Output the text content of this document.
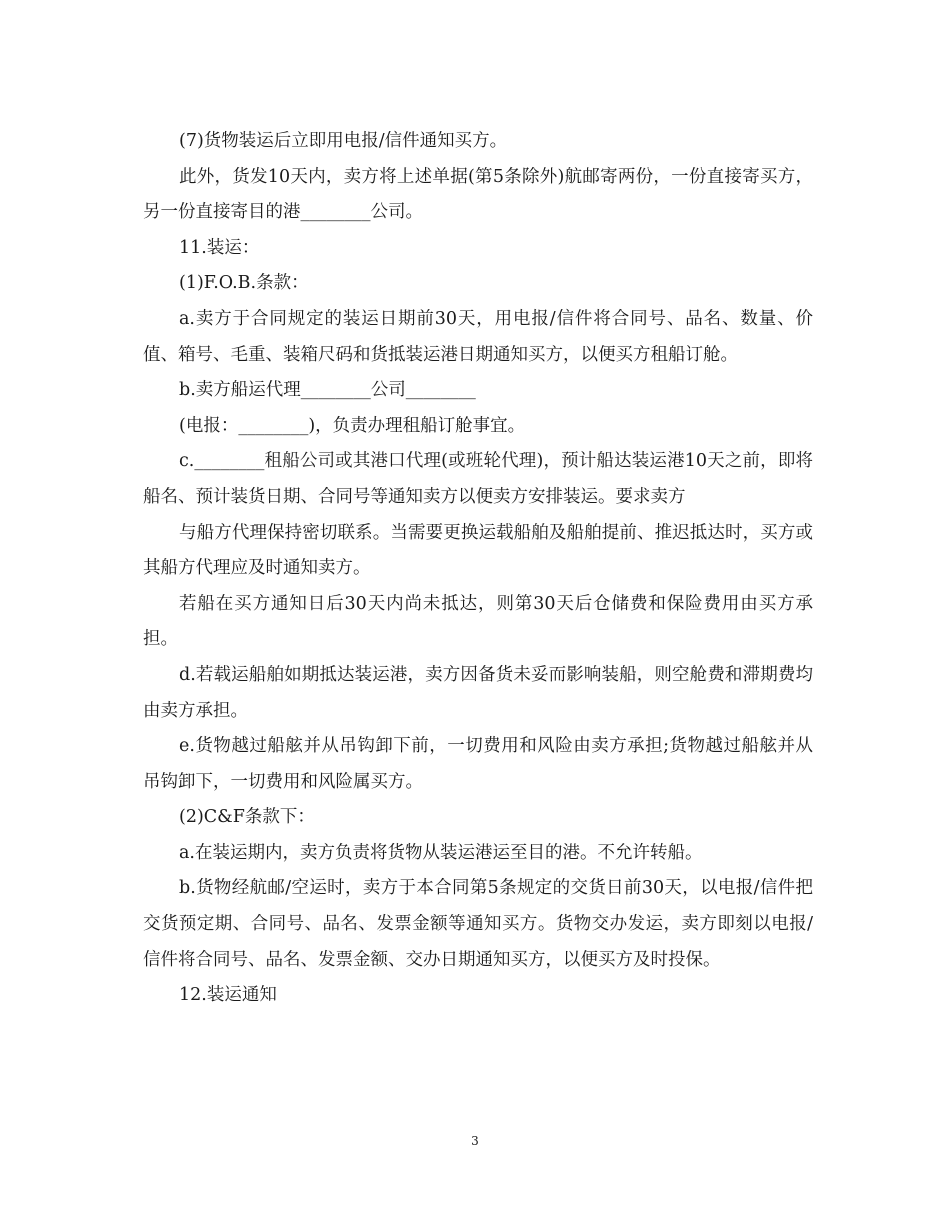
(7)货物装运后立即用电报/信件通知买方。

此外，货发10天内，卖方将上述单据(第5条除外)航邮寄两份，一份直接寄买方，另一份直接寄目的港________公司。

11.装运：

(1)F.O.B.条款：

a.卖方于合同规定的装运日期前30天，用电报/信件将合同号、品名、数量、价值、箱号、毛重、装箱尺码和货抵装运港日期通知买方，以便买方租船订舱。

b.卖方船运代理________公司________

(电报：________)，负责办理租船订舱事宜。

c.________租船公司或其港口代理(或班轮代理)，预计船达装运港10天之前，即将船名、预计装货日期、合同号等通知卖方以便卖方安排装运。要求卖方

与船方代理保持密切联系。当需要更换运载船舶及船舶提前、推迟抵达时，买方或其船方代理应及时通知卖方。

若船在买方通知日后30天内尚未抵达，则第30天后仓储费和保险费用由买方承担。

d.若载运船舶如期抵达装运港，卖方因备货未妥而影响装船，则空舱费和滞期费均由卖方承担。

e.货物越过船舷并从吊钩卸下前，一切费用和风险由卖方承担;货物越过船舷并从吊钩卸下，一切费用和风险属买方。

(2)C&F条款下：

a.在装运期内，卖方负责将货物从装运港运至目的港。不允许转船。

b.货物经航邮/空运时，卖方于本合同第5条规定的交货日前30天，以电报/信件把交货预定期、合同号、品名、发票金额等通知买方。货物交办发运，卖方即刻以电报/信件将合同号、品名、发票金额、交办日期通知买方，以便买方及时投保。

12.装运通知

3
